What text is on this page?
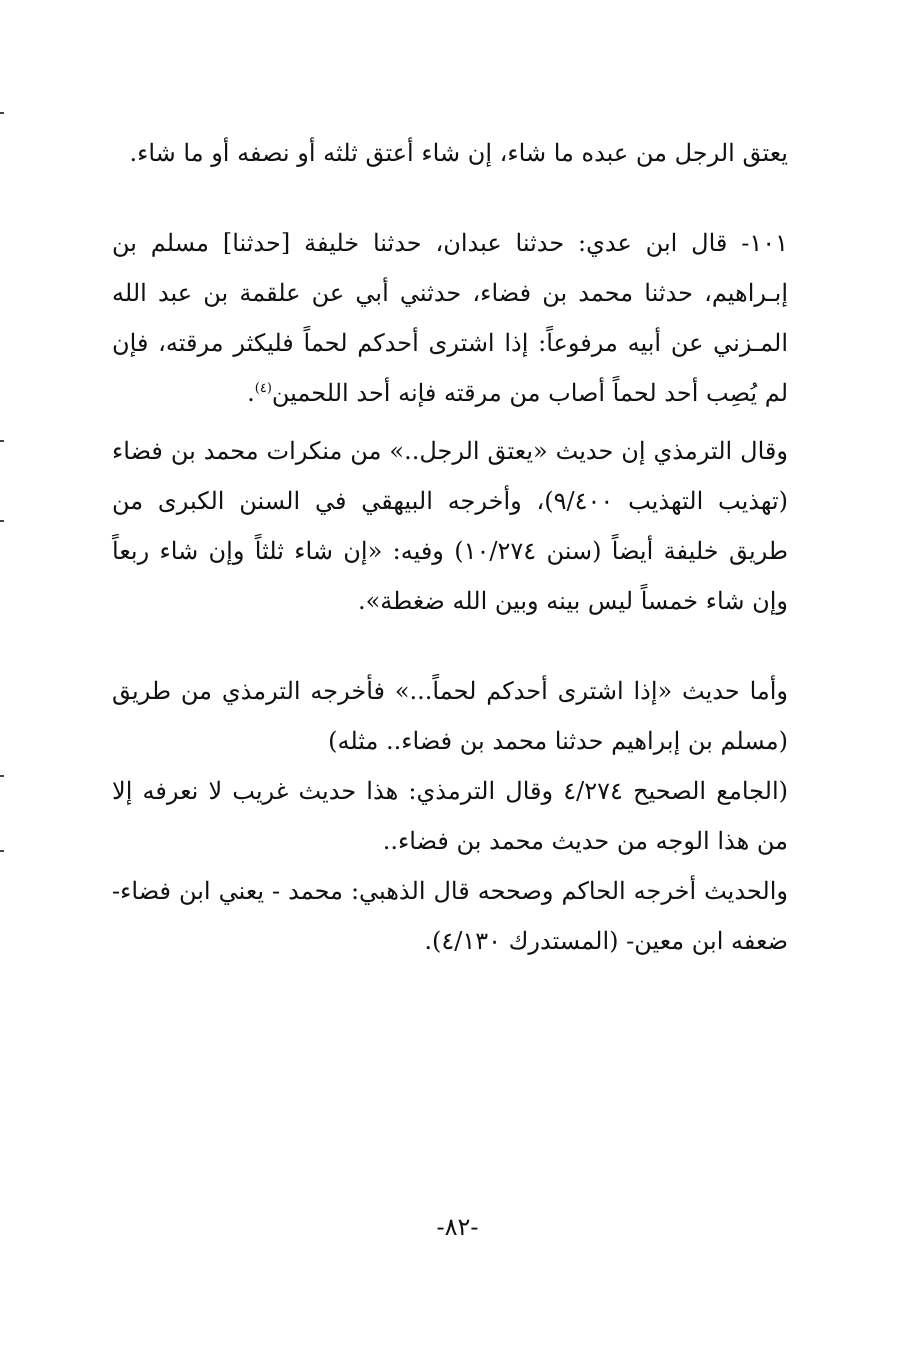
يعتق الرجل من عبده ما شاء، إن شاء أعتق ثلثه أو نصفه أو ما شاء.

١٠١- قال ابن عدي: حدثنا عبدان، حدثنا خليفة [حدثنا] مسلم بن إبـراهيم، حدثنا محمد بن فضاء، حدثني أبي عن علقمة بن عبد الله المـزني عن أبيه مرفوعاً: إذا اشترى أحدكم لحماً فليكثر مرقته، فإن لم يُصِب أحد لحماً أصاب من مرقته فإنه أحد اللحمين$^{(٤)}$.

وقال الترمذي إن حديث «يعتق الرجل..» من منكرات محمد بن فضاء (تهذيب التهذيب ٩/٤٠٠)، وأخرجه البيهقي في السنن الكبرى من طريق خليفة أيضاً (سنن ١٠/٢٧٤) وفيه: «إن شاء ثلثاً وإن شاء ربعاً وإن شاء خمساً ليس بينه وبين الله ضغطة».

وأما حديث «إذا اشترى أحدكم لحماً...» فأخرجه الترمذي من طريق (مسلم بن إبراهيم حدثنا محمد بن فضاء.. مثله)

(الجامع الصحيح ٤/٢٧٤ وقال الترمذي: هذا حديث غريب لا نعرفه إلا من هذا الوجه من حديث محمد بن فضاء..

والحديث أخرجه الحاكم وصححه قال الذهبي: محمد - يعني ابن فضاء- ضعفه ابن معين- (المستدرك ٤/١٣٠).

-٨٢-
